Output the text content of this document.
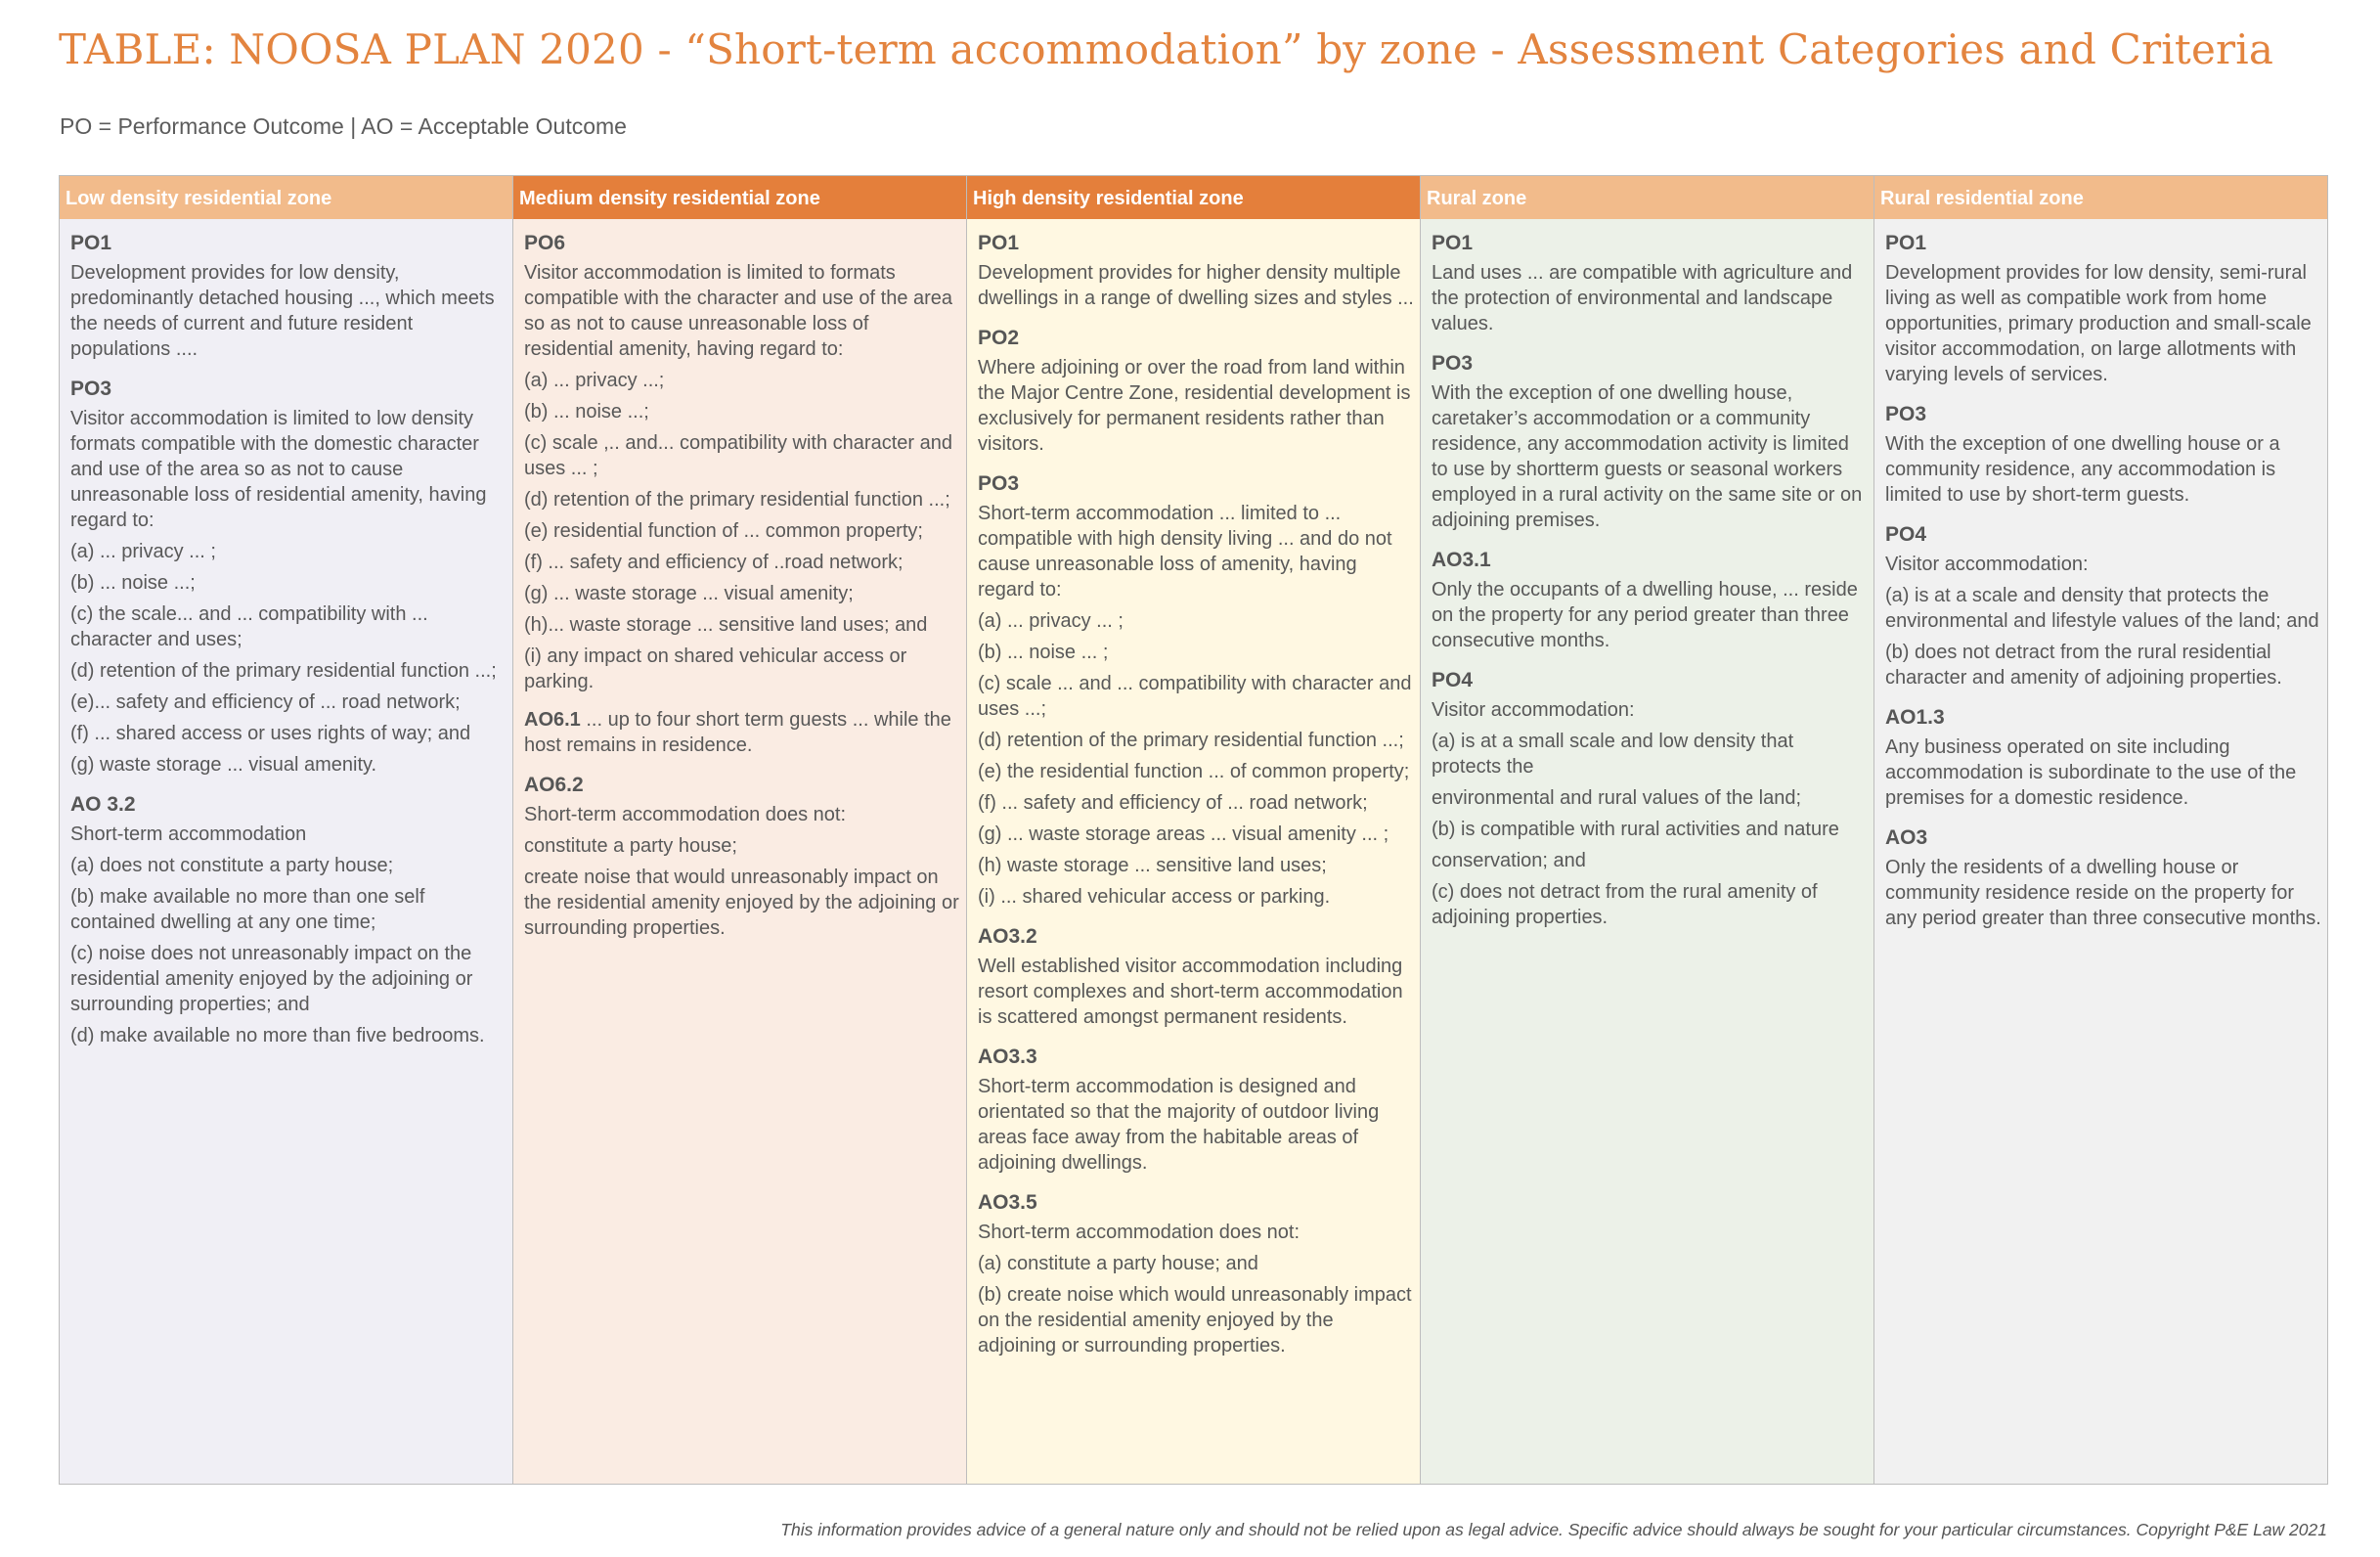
TABLE: NOOSA PLAN 2020 - “Short-term accommodation” by zone - Assessment Categories and Criteria
PO = Performance Outcome | AO = Acceptable Outcome
Low density residential zone
PO1
Development provides for low density, predominantly detached housing ..., which meets the needs of current and future resident populations ....
PO3
Visitor accommodation is limited to low density formats compatible with the domestic character and use of the area so as not to cause unreasonable loss of residential amenity, having regard to:
(a) ... privacy ... ;
(b) ... noise ...;
(c) the scale... and ... compatibility with ... character and uses;
(d) retention of the primary residential function ...;
(e)... safety and efficiency of ... road network;
(f) ... shared access or uses rights of way; and
(g) waste storage ... visual amenity.
AO 3.2
Short-term accommodation
(a) does not constitute a party house;
(b) make available no more than one self contained dwelling at any one time;
(c) noise does not unreasonably impact on the residential amenity enjoyed by the adjoining or surrounding properties; and
(d) make available no more than five bedrooms.
Medium density residential zone
PO6
Visitor accommodation is limited to formats compatible with the character and use of the area so as not to cause unreasonable loss of residential amenity, having regard to:
(a) ... privacy ...;
(b) ... noise ...;
(c) scale ,.. and... compatibility with character and uses ... ;
(d) retention of the primary residential function ...;
(e) residential function of ... common property;
(f) ... safety and efficiency of ..road network;
(g) ... waste storage ... visual amenity;
(h)... waste storage ... sensitive land uses; and
(i) any impact on shared vehicular access or parking.
AO6.1 ... up to four short term guests ... while the host remains in residence.
AO6.2
Short-term accommodation does not:
constitute a party house;
create noise that would unreasonably impact on the residential amenity enjoyed by the adjoining or surrounding properties.
High density residential zone
PO1
Development provides for higher density multiple dwellings in a range of dwelling sizes and styles ...
PO2
Where adjoining or over the road from land within the Major Centre Zone, residential development is exclusively for permanent residents rather than visitors.
PO3
Short-term accommodation ... limited to ... compatible with high density living ... and do not cause unreasonable loss of amenity, having regard to:
(a) ... privacy ... ;
(b) ... noise ... ;
(c) scale ... and ... compatibility with character and uses ...;
(d) retention of the primary residential function ...;
(e) the residential function ... of common property;
(f) ... safety and efficiency of ... road network;
(g) ... waste storage areas ... visual amenity ... ;
(h) waste storage ... sensitive land uses;
(i) ... shared vehicular access or parking.
AO3.2
Well established visitor accommodation including resort complexes and short-term accommodation is scattered amongst permanent residents.
AO3.3
Short-term accommodation is designed and orientated so that the majority of outdoor living areas face away from the habitable areas of adjoining dwellings.
AO3.5
Short-term accommodation does not:
(a) constitute a party house; and
(b) create noise which would unreasonably impact on the residential amenity enjoyed by the adjoining or surrounding properties.
Rural zone
PO1
Land uses ... are compatible with agriculture and the protection of environmental and landscape values.
PO3
With the exception of one dwelling house, caretaker’s accommodation or a community residence, any accommodation activity is limited to use by shortterm guests or seasonal workers employed in a rural activity on the same site or on adjoining premises.
AO3.1
Only the occupants of a dwelling house, ... reside on the property for any period greater than three consecutive months.
PO4
Visitor accommodation:
(a) is at a small scale and low density that protects the
environmental and rural values of the land;
(b) is compatible with rural activities and nature
conservation; and
(c) does not detract from the rural amenity of adjoining properties.
Rural residential zone
PO1
Development provides for low density, semi-rural living as well as compatible work from home opportunities, primary production and small-scale visitor accommodation, on large allotments with varying levels of services.
PO3
With the exception of one dwelling house or a community residence, any accommodation is limited to use by short-term guests.
PO4
Visitor accommodation:
(a) is at a scale and density that protects the environmental and lifestyle values of the land; and
(b) does not detract from the rural residential character and amenity of adjoining properties.
AO1.3
Any business operated on site including accommodation is subordinate to the use of the premises for a domestic residence.
AO3
Only the residents of a dwelling house or community residence reside on the property for any period greater than three consecutive months.
This information provides advice of a general nature only and should not be relied upon as legal advice. Specific advice should always be sought for your particular circumstances. Copyright P&E Law 2021
